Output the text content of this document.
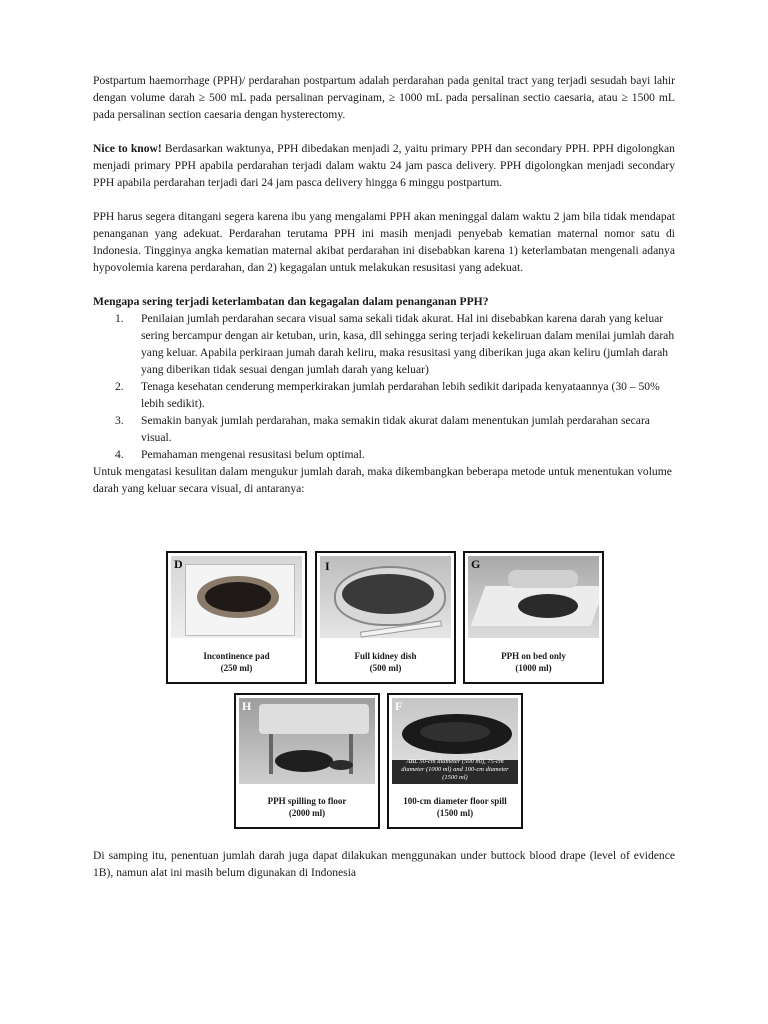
Postpartum haemorrhage (PPH)/ perdarahan postpartum adalah perdarahan pada genital tract yang terjadi sesudah bayi lahir dengan volume darah ≥ 500 mL pada persalinan pervaginam, ≥ 1000 mL pada persalinan sectio caesaria, atau ≥ 1500 mL pada persalinan section caesaria dengan hysterectomy.

Nice to know! Berdasarkan waktunya, PPH dibedakan menjadi 2, yaitu primary PPH dan secondary PPH. PPH digolongkan menjadi primary PPH apabila perdarahan terjadi dalam waktu 24 jam pasca delivery. PPH digolongkan menjadi secondary PPH apabila perdarahan terjadi dari 24 jam pasca delivery hingga 6 minggu postpartum.

PPH harus segera ditangani segera karena ibu yang mengalami PPH akan meninggal dalam waktu 2 jam bila tidak mendapat penanganan yang adekuat. Perdarahan terutama PPH ini masih menjadi penyebab kematian maternal nomor satu di Indonesia. Tingginya angka kematian maternal akibat perdarahan ini disebabkan karena 1) keterlambatan mengenali adanya hypovolemia karena perdarahan, dan 2) kegagalan untuk melakukan resusitasi yang adekuat.

Mengapa sering terjadi keterlambatan dan kegagalan dalam penanganan PPH?
1. Penilaian jumlah perdarahan secara visual sama sekali tidak akurat. Hal ini disebabkan karena darah yang keluar sering bercampur dengan air ketuban, urin, kasa, dll sehingga sering terjadi kekeliruan dalam menilai jumlah darah yang keluar. Apabila perkiraan jumah darah keliru, maka resusitasi yang diberikan juga akan keliru (jumlah darah yang diberikan tidak sesuai dengan jumlah darah yang keluar)
2. Tenaga kesehatan cenderung memperkirakan jumlah perdarahan lebih sedikit daripada kenyataannya (30 – 50% lebih sedikit).
3. Semakin banyak jumlah perdarahan, maka semakin tidak akurat dalam menentukan jumlah perdarahan secara visual.
4. Pemahaman mengenai resusitasi belum optimal.

Untuk mengatasi kesulitan dalam mengukur jumlah darah, maka dikembangkan beberapa metode untuk menentukan volume darah yang keluar secara visual, di antaranya:

D
Incontinence pad
(250 ml)
I
Full kidney dish
(500 ml)
G
PPH on bed only
(1000 ml)
H
PPH spilling to floor
(2000 ml)
ABL 50-cm diameter (500 ml), 75-cm diameter (1000 ml) and 100-cm diameter (1500 ml)
F
100-cm diameter floor spill
(1500 ml)

Di samping itu, penentuan jumlah darah juga dapat dilakukan menggunakan under buttock blood drape (level of evidence 1B), namun alat ini masih belum digunakan di Indonesia
